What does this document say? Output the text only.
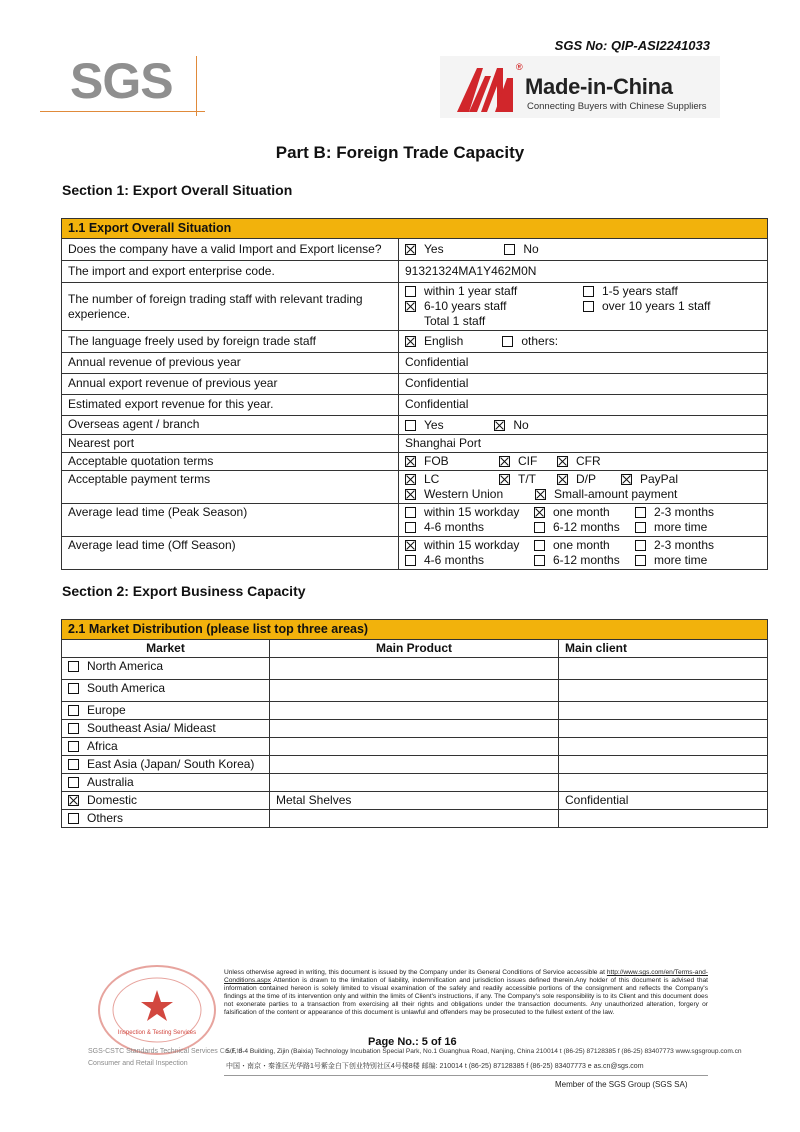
SGS No: QIP-ASI2241033
SGS	®
Made-in-China
Connecting Buyers with Chinese Suppliers
Part B: Foreign Trade Capacity
Section 1: Export Overall Situation
1.1 Export Overall Situation	
Does the company have a valid Import and Export license?	Yes No
The import and export enterprise code.	91321324MA1Y462M0N

The number of foreign trading staff with relevant trading experience.	within 1 year staff 1-5 years staff
6-10 years staff over 10 years 1 staff
Total 1 staff

The language freely used by foreign trade staff	English others:
Annual revenue of previous year	Confidential
Annual export revenue of previous year	Confidential
Estimated export revenue for this year.	Confidential
Overseas agent / branch	Yes No
Nearest port	Shanghai Port
Acceptable quotation terms	FOB CIF CFR
Acceptable payment terms	LC T/T D/P PayPal
Western Union Small-amount payment

Average lead time (Peak Season)	within 15 workday one month 2-3 months
4-6 months 6-12 months more time

Average lead time (Off Season)	within 15 workday one month 2-3 months
4-6 months 6-12 months more time
Section 2: Export Business Capacity
2.1 Market Distribution (please list top three areas)		
Market	Main Product	Main client
North America		
South America		
Europe		
Southeast Asia/ Mideast		
Africa		
East Asia (Japan/ South Korea)		
Australia		
Domestic	Metal Shelves	Confidential
Others		
Inspection & Testing Services
SGS-CSTC Standards Technical Services Co.,Ltd.
Consumer and Retail Inspection
Unless otherwise agreed in writing, this document is issued by the Company under its General Conditions of Service accessible at http://www.sgs.com/en/Terms-and-Conditions.aspx Attention is drawn to the limitation of liability, indemnification and jurisdiction issues defined therein.Any holder of this document is advised that information contained hereon is solely limited to visual examination of the safely and readily accessible portions of the consignment and reflects the Company's findings at the time of its intervention only and within the limits of Client's instructions, if any. The Company's sole responsibility is to its Client and this document does not exonerate parties to a transaction from exercising all their rights and obligations under the transaction documents. Any unauthorized alteration, forgery or falsification of the content or appearance of this document is unlawful and offenders may be prosecuted to the fullest extent of the law.
Page No.: 5 of 16
5/F, 8-4 Building, Zijin (Baixia) Technology Incubation Special Park, No.1 Guanghua Road, Nanjing, China 210014 t (86-25) 87128385 f (86-25) 83407773 www.sgsgroup.com.cn
中国・南京・秦淮区光华路1号紫金白下创业特别社区4号楼8楼 邮编: 210014 t (86-25) 87128385 f (86-25) 83407773 e as.cn@sgs.com
Member of the SGS Group (SGS SA)
